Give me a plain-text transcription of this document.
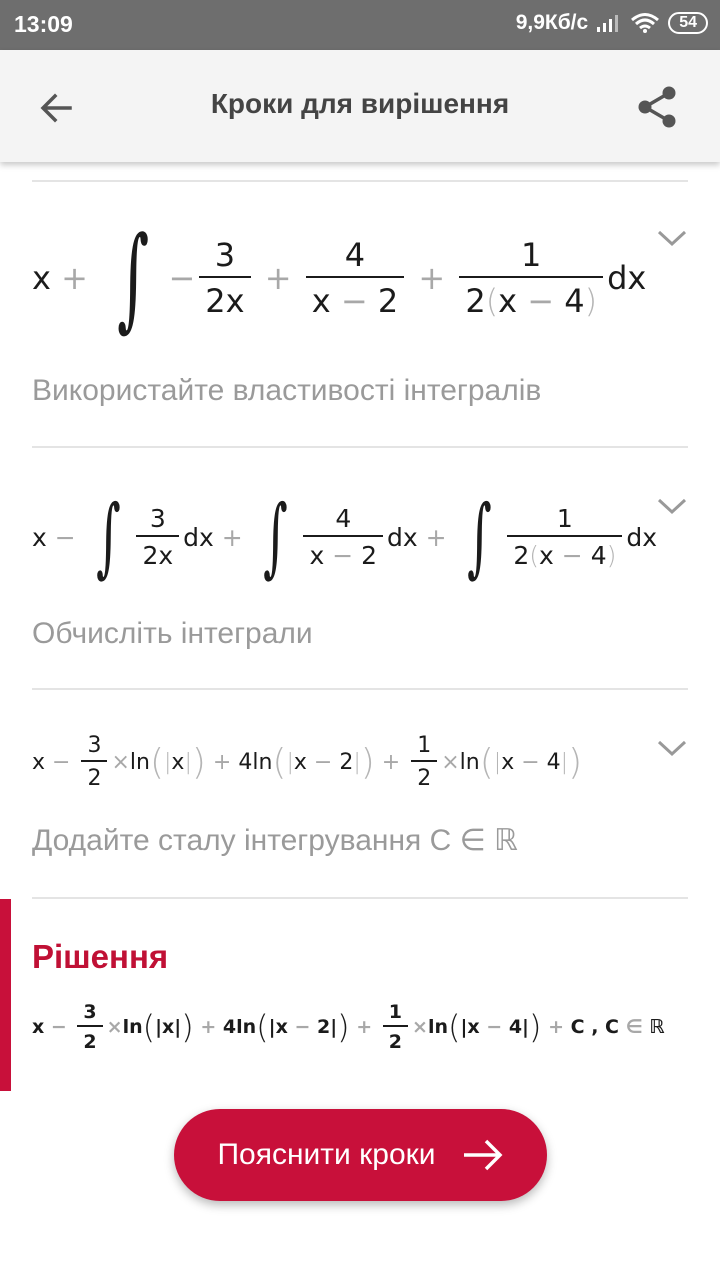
13:09	9,9Кб/с	54
Кроки для вирішення
x + ∫ − $\frac{3}{2x} + \frac{4}{x - 2} + \frac{1}{2(x - 4)}$ dx
Використайте властивості інтегралів
x − ∫ $\frac{3}{2x}$ dx + ∫ $\frac{4}{x - 2}$ dx + ∫ $\frac{1}{2(x - 4)}$ dx
Обчисліть інтеграли
$x - \frac{3}{2} \times \ln$ ( | x | ) + 4ln ( | x − 2 | ) + $\frac{1}{2} \times \ln$ ( | x − 4 | )
Додайте сталу інтегрування C ∈ ℝ
Рішення
$x - \frac{3}{2} \times \ln$ ( |x| ) + 4ln ( |x − 2| ) + $\frac{1}{2} \times \ln$ ( |x − 4| ) + C , C ∈ ℝ
Пояснити кроки
